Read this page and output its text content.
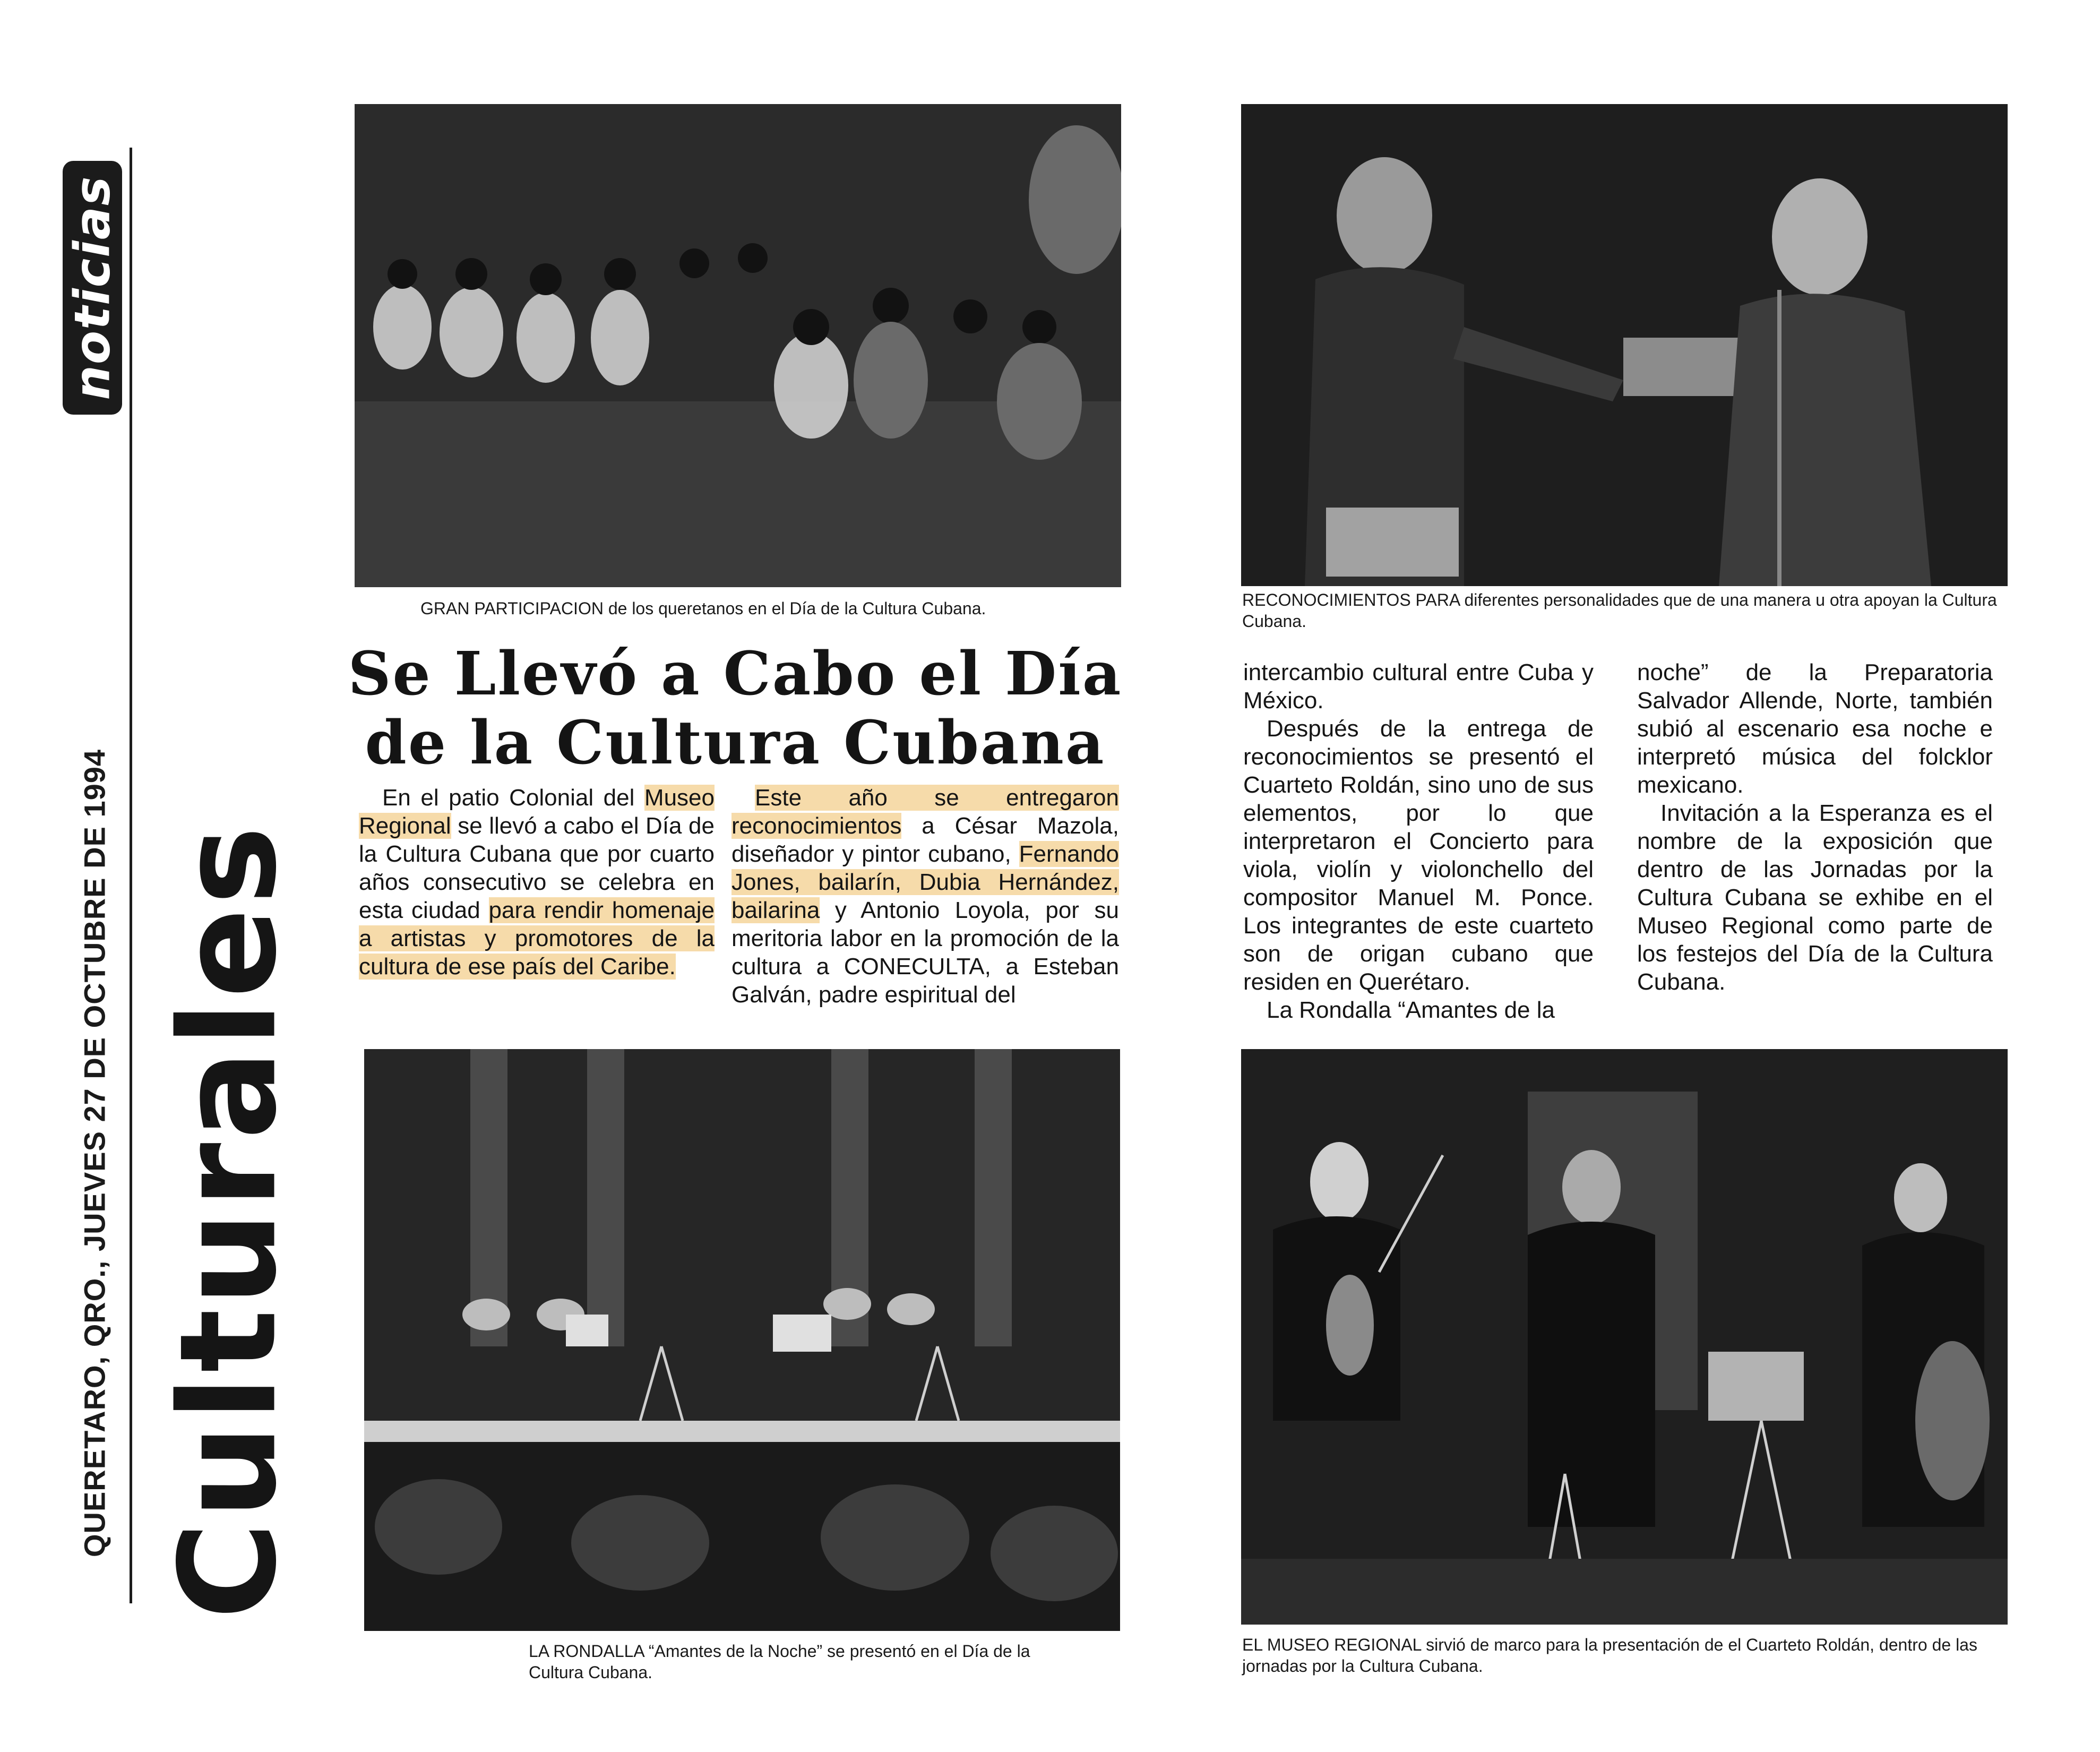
noticias
QUERETARO, QRO., JUEVES 27 DE OCTUBRE DE 1994 Culturales
GRAN PARTICIPACION de los queretanos en el Día de la Cultura Cubana.	RECONOCIMIENTOS PARA diferentes personalidades que de una manera u otra apoyan la Cultura Cubana.
Se Llevó a Cabo el Día de la Cultura Cubana

En el patio Colonial del Museo Regional se llevó a cabo el Día de la Cultura Cubana que por cuarto años consecutivo se celebra en esta ciudad para rendir homenaje a artistas y promotores de la cultura de ese país del Caribe.

Este año se entregaron reconocimientos a César Mazola, diseñador y pintor cubano, Fernando Jones, bailarín, Dubia Hernández, bailarina y Antonio Loyola, por su meritoria labor en la promoción de la cultura a CONECULTA, a Esteban Galván, padre espiritual del

intercambio cultural entre Cuba y México.

Después de la entrega de reconocimientos se presentó el Cuarteto Roldán, sino uno de sus elementos, por lo que interpretaron el Concierto para viola, violín y violonchello del compositor Manuel M. Ponce. Los integrantes de este cuarteto son de origan cubano que residen en Querétaro.

La Rondalla “Amantes de la

noche” de la Preparatoria Salvador Allende, Norte, también subió al escenario esa noche e interpretó música del folcklor mexicano.

Invitación a la Esperanza es el nombre de la exposición que dentro de las Jornadas por la Cultura Cubana se exhibe en el Museo Regional como parte de los festejos del Día de la Cultura Cubana.

LA RONDALLA “Amantes de la Noche” se presentó en el Día de la Cultura Cubana.
EL MUSEO REGIONAL sirvió de marco para la presentación de el Cuarteto Roldán, dentro de las jornadas por la Cultura Cubana.
